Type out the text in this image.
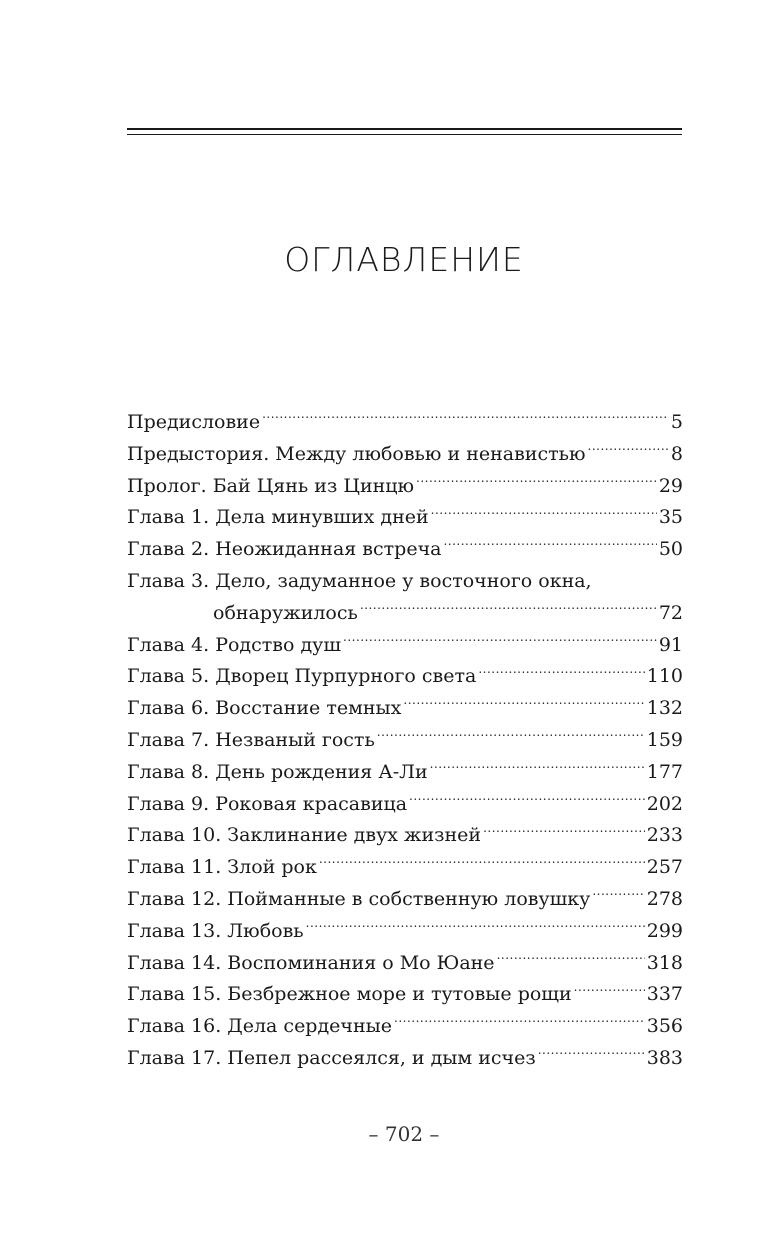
ОГЛАВЛЕНИЕ
Предисловие .....	5
Предыстория. Между любовью и ненавистью .....	8
Пролог. Бай Цянь из Цинцю .....	29
Глава 1. Дела минувших дней .....	35
Глава 2. Неожиданная встреча .....	50
Глава 3. Дело, задуманное у восточного окна,
обнаружилось .....	72
Глава 4. Родство душ .....	91
Глава 5. Дворец Пурпурного света .....	110
Глава 6. Восстание темных .....	132
Глава 7. Незваный гость .....	159
Глава 8. День рождения А-Ли .....	177
Глава 9. Роковая красавица .....	202
Глава 10. Заклинание двух жизней .....	233
Глава 11. Злой рок .....	257
Глава 12. Пойманные в собственную ловушку .....	278
Глава 13. Любовь .....	299
Глава 14. Воспоминания о Мо Юане .....	318
Глава 15. Безбрежное море и тутовые рощи .....	337
Глава 16. Дела сердечные .....	356
Глава 17. Пепел рассеялся, и дым исчез .....	383
– 702 –
